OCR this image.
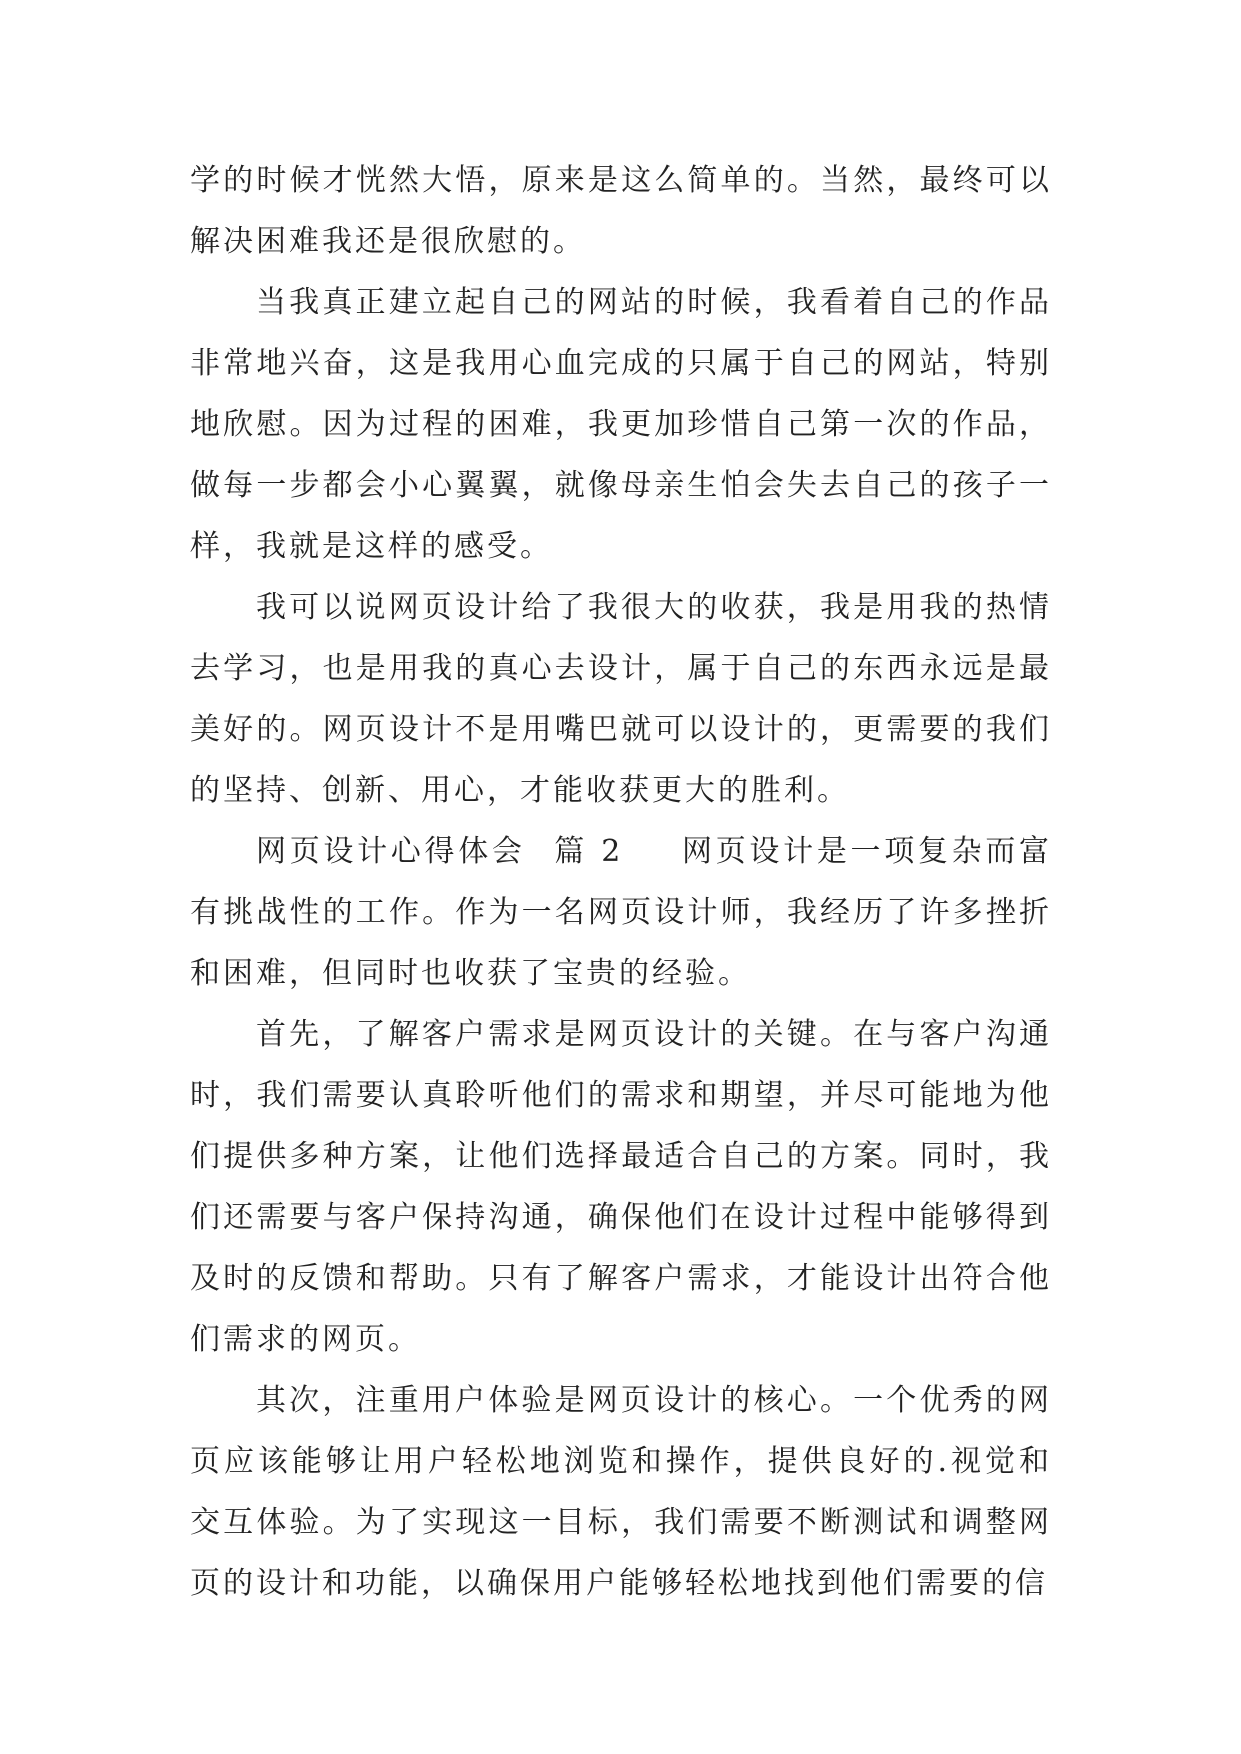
学的时候才恍然大悟，原来是这么简单的。当然，最终可以解决困难我还是很欣慰的。

当我真正建立起自己的网站的时候，我看着自己的作品非常地兴奋，这是我用心血完成的只属于自己的网站，特别地欣慰。因为过程的困难，我更加珍惜自己第一次的作品，做每一步都会小心翼翼，就像母亲生怕会失去自己的孩子一样，我就是这样的感受。

我可以说网页设计给了我很大的收获，我是用我的热情去学习，也是用我的真心去设计，属于自己的东西永远是最美好的。网页设计不是用嘴巴就可以设计的，更需要的我们的坚持、创新、用心，才能收获更大的胜利。

网页设计心得体会 篇 2 网页设计是一项复杂而富有挑战性的工作。作为一名网页设计师，我经历了许多挫折和困难，但同时也收获了宝贵的经验。

首先，了解客户需求是网页设计的关键。在与客户沟通时，我们需要认真聆听他们的需求和期望，并尽可能地为他们提供多种方案，让他们选择最适合自己的方案。同时，我们还需要与客户保持沟通，确保他们在设计过程中能够得到及时的反馈和帮助。只有了解客户需求，才能设计出符合他们需求的网页。

其次，注重用户体验是网页设计的核心。一个优秀的网页应该能够让用户轻松地浏览和操作，提供良好的.视觉和交互体验。为了实现这一目标，我们需要不断测试和调整网页的设计和功能，以确保用户能够轻松地找到他们需要的信
